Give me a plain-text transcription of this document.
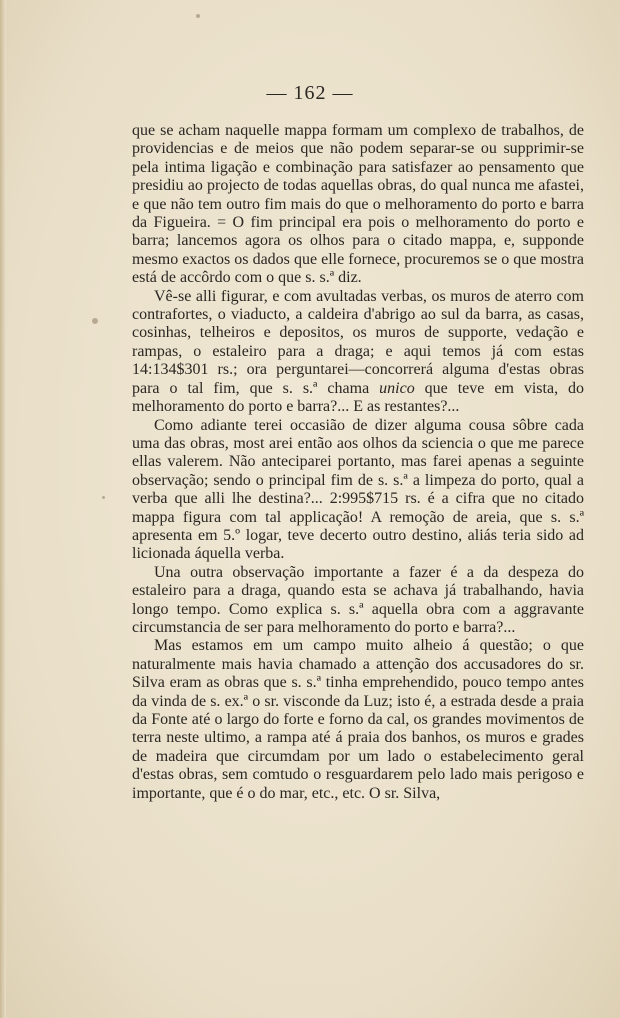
— 162 —

que se acham naquelle mappa formam um complexo de trabalhos, de providencias e de meios que não podem separar-se ou supprimir-se pela intima ligação e combinação para satisfazer ao pensamento que presidiu ao projecto de todas aquellas obras, do qual nunca me afastei, e que não tem outro fim mais do que o melhoramento do porto e barra da Figueira. = O fim principal era pois o melhoramento do porto e barra; lancemos agora os olhos para o citado mappa, e, supponde mesmo exactos os dados que elle fornece, procuremos se o que mostra está de accôrdo com o que s. s.ª diz.

Vê-se alli figurar, e com avultadas verbas, os muros de aterro com contrafortes, o viaducto, a caldeira d'abrigo ao sul da barra, as casas, cosinhas, telheiros e depositos, os muros de supporte, vedação e rampas, o estaleiro para a draga; e aqui temos já com estas 14:134$301 rs.; ora perguntarei—concorrerá alguma d'estas obras para o tal fim, que s. s.ª chama unico que teve em vista, do melhoramento do porto e barra?... E as restantes?...

Como adiante terei occasião de dizer alguma cousa sôbre cada uma das obras, most arei então aos olhos da sciencia o que me parece ellas valerem. Não anteciparei portanto, mas farei apenas a seguinte observação; sendo o principal fim de s. s.ª a limpeza do porto, qual a verba que alli lhe destina?... 2:995$715 rs. é a cifra que no citado mappa figura com tal applicação! A remoção de areia, que s. s.ª apresenta em 5.º logar, teve decerto outro destino, aliás teria sido ad licionada áquella verba.

Una outra observação importante a fazer é a da despeza do estaleiro para a draga, quando esta se achava já trabalhando, havia longo tempo. Como explica s. s.ª aquella obra com a aggravante circumstancia de ser para melhoramento do porto e barra?...

Mas estamos em um campo muito alheio á questão; o que naturalmente mais havia chamado a attenção dos accusadores do sr. Silva eram as obras que s. s.ª tinha emprehendido, pouco tempo antes da vinda de s. ex.ª o sr. visconde da Luz; isto é, a estrada desde a praia da Fonte até o largo do forte e forno da cal, os grandes movimentos de terra neste ultimo, a rampa até á praia dos banhos, os muros e grades de madeira que circumdam por um lado o estabelecimento geral d'estas obras, sem comtudo o resguardarem pelo lado mais perigoso e importante, que é o do mar, etc., etc. O sr. Silva,
